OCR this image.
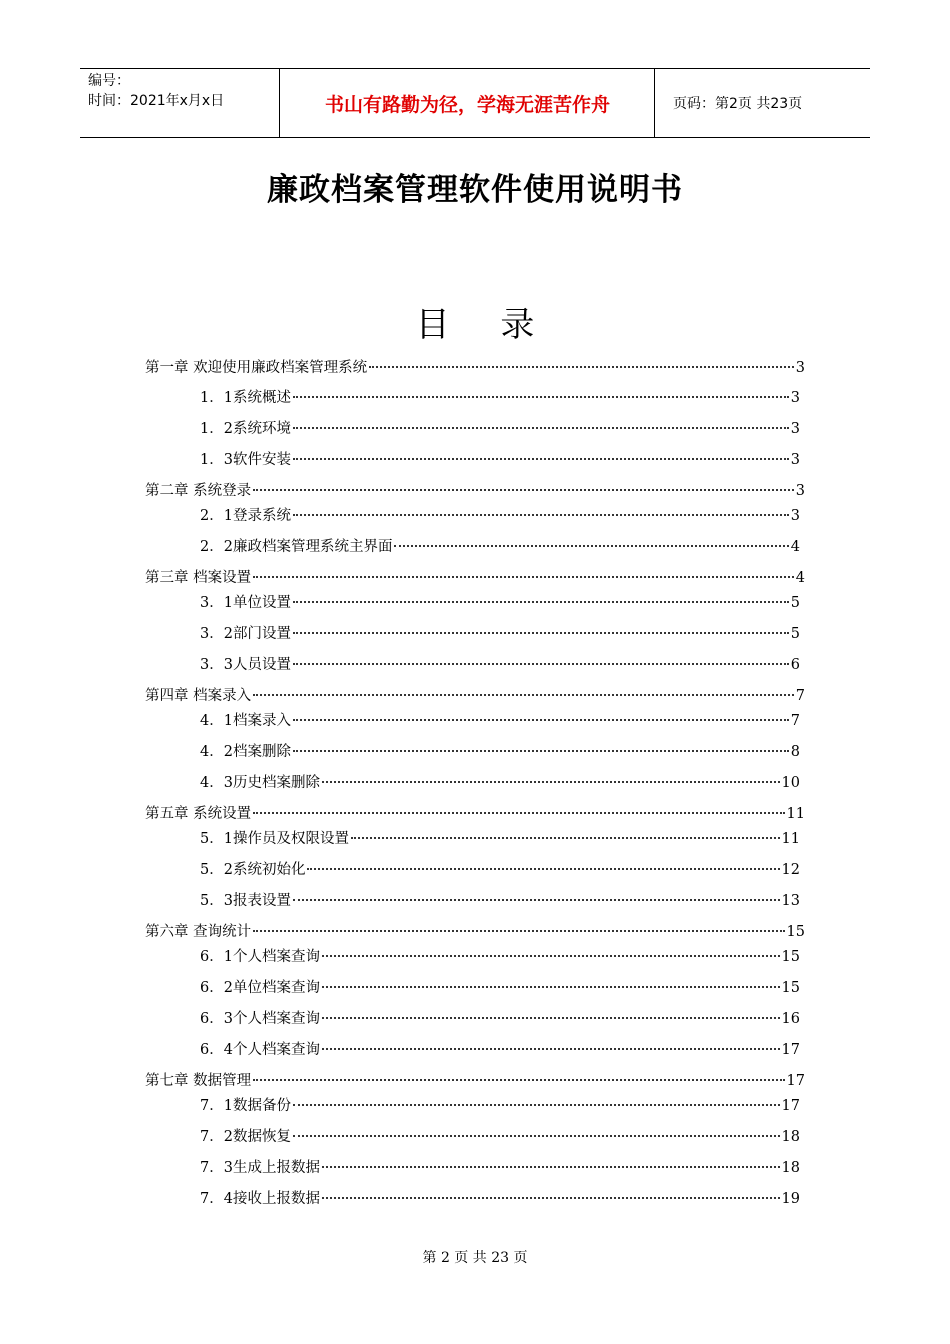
编号：
时间：2021年x月x日	书山有路勤为径，学海无涯苦作舟	页码：第2页 共23页
廉政档案管理软件使用说明书
目 录
第一章 欢迎使用廉政档案管理系统	3
1．1系统概述	3
1．2系统环境	3
1．3软件安装	3
第二章 系统登录	3
2．1登录系统	3
2．2廉政档案管理系统主界面	4
第三章 档案设置	4
3．1单位设置	5
3．2部门设置	5
3．3人员设置	6
第四章 档案录入	7
4．1档案录入	7
4．2档案删除	8
4．3历史档案删除	10
第五章 系统设置	11
5．1操作员及权限设置	11
5．2系统初始化	12
5．3报表设置	13
第六章 查询统计	15
6．1个人档案查询	15
6．2单位档案查询	15
6．3个人档案查询	16
6．4个人档案查询	17
第七章 数据管理	17
7．1数据备份	17
7．2数据恢复	18
7．3生成上报数据	18
7．4接收上报数据	19
第 2 页 共 23 页
